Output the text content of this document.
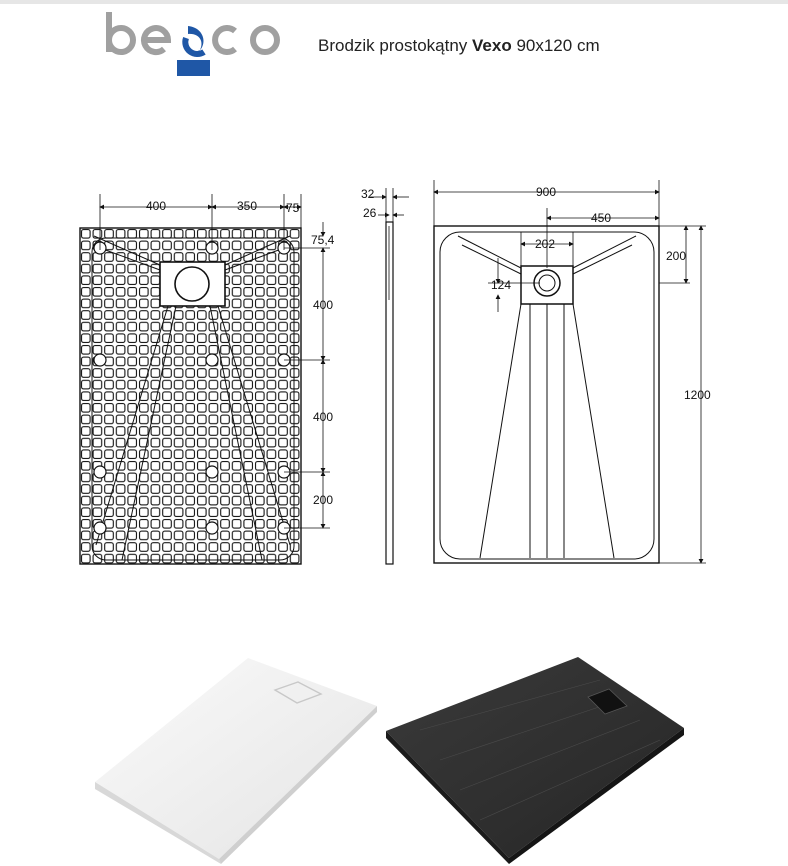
Brodzik prostokątny Vexo 90x120 cm
400	350 75
75,4
400
400
200
32
26
900
450
202
200
124
1200
